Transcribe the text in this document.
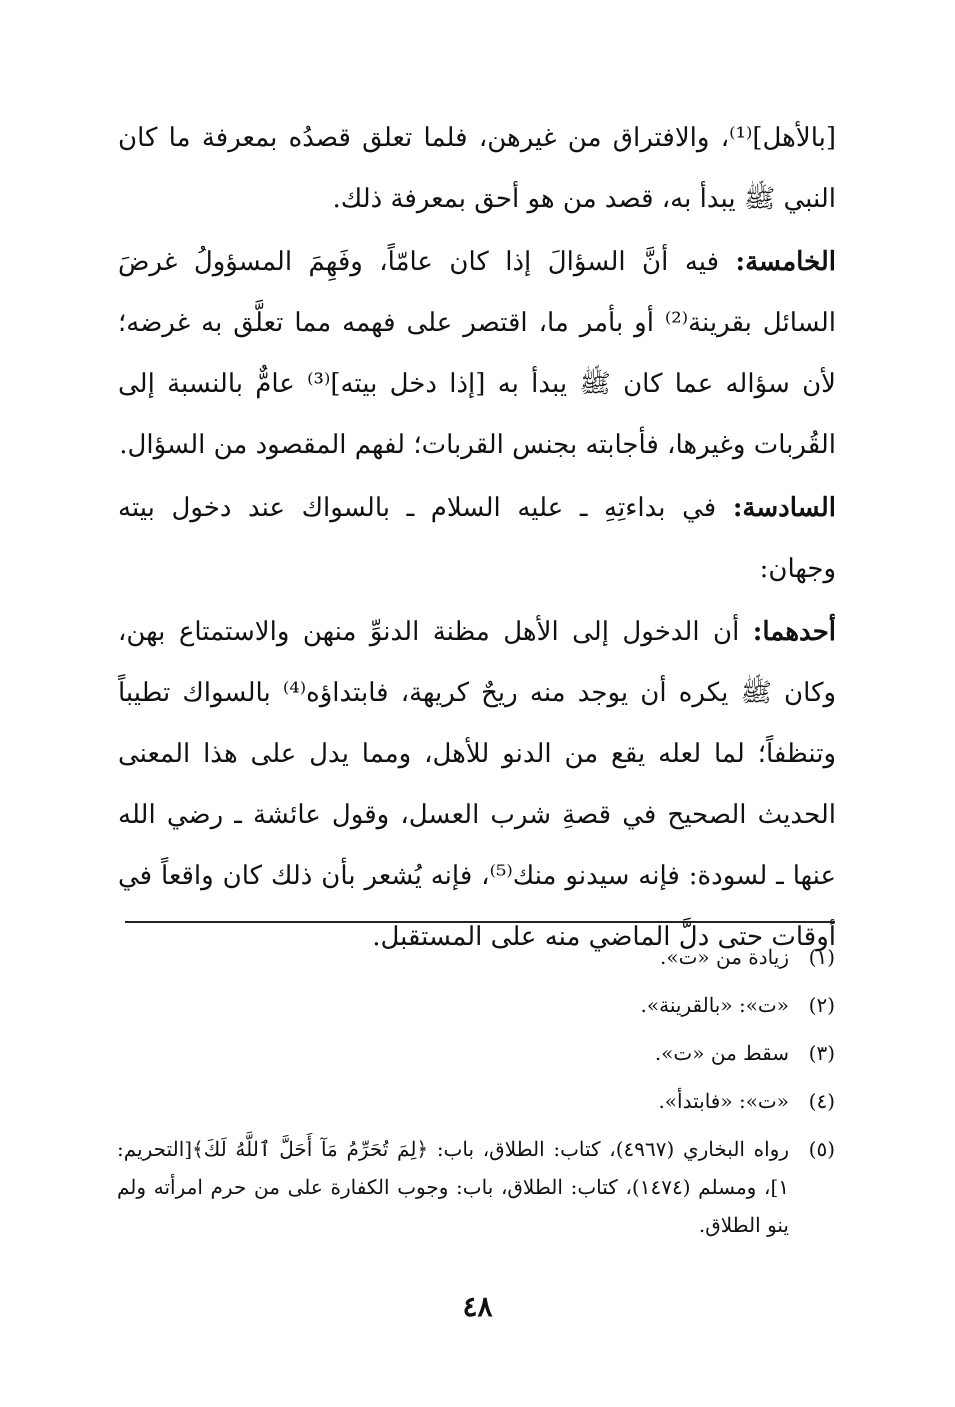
[بالأهل]⁽¹⁾، والافتراق من غيرهن، فلما تعلق قصدُه بمعرفة ما كان النبي ﷺ يبدأ به، قصد من هو أحق بمعرفة ذلك.

الخامسة: فيه أنَّ السؤالَ إذا كان عامّاً، وفَهِمَ المسؤولُ غرضَ السائل بقرينة⁽²⁾ أو بأمر ما، اقتصر على فهمه مما تعلَّق به غرضه؛ لأن سؤاله عما كان ﷺ يبدأ به [إذا دخل بيته]⁽³⁾ عامٌّ بالنسبة إلى القُربات وغيرها، فأجابته بجنس القربات؛ لفهم المقصود من السؤال.

السادسة: في بداءتِهِ ـ عليه السلام ـ بالسواك عند دخول بيته وجهان:

أحدهما: أن الدخول إلى الأهل مظنة الدنوِّ منهن والاستمتاع بهن، وكان ﷺ يكره أن يوجد منه ريحٌ كريهة، فابتداؤه⁽⁴⁾ بالسواك تطيباً وتنظفاً؛ لما لعله يقع من الدنو للأهل، ومما يدل على هذا المعنى الحديث الصحيح في قصةِ شرب العسل، وقول عائشة ـ رضي الله عنها ـ لسودة: فإنه سيدنو منك⁽⁵⁾، فإنه يُشعر بأن ذلك كان واقعاً في أوقات حتى دلَّ الماضي منه على المستقبل.

(١)
زيادة من «ت».
(٢)
«ت»: «بالقرينة».
(٣)
سقط من «ت».
(٤)
«ت»: «فابتدأ».
(٥)
رواه البخاري (٤٩٦٧)، كتاب: الطلاق، باب: ﴿لِمَ تُحَرِّمُ مَآ أَحَلَّ ٱللَّهُ لَكَ﴾[التحريم: ١]، ومسلم (١٤٧٤)، كتاب: الطلاق، باب: وجوب الكفارة على من حرم امرأته ولم ينو الطلاق.
٤٨
